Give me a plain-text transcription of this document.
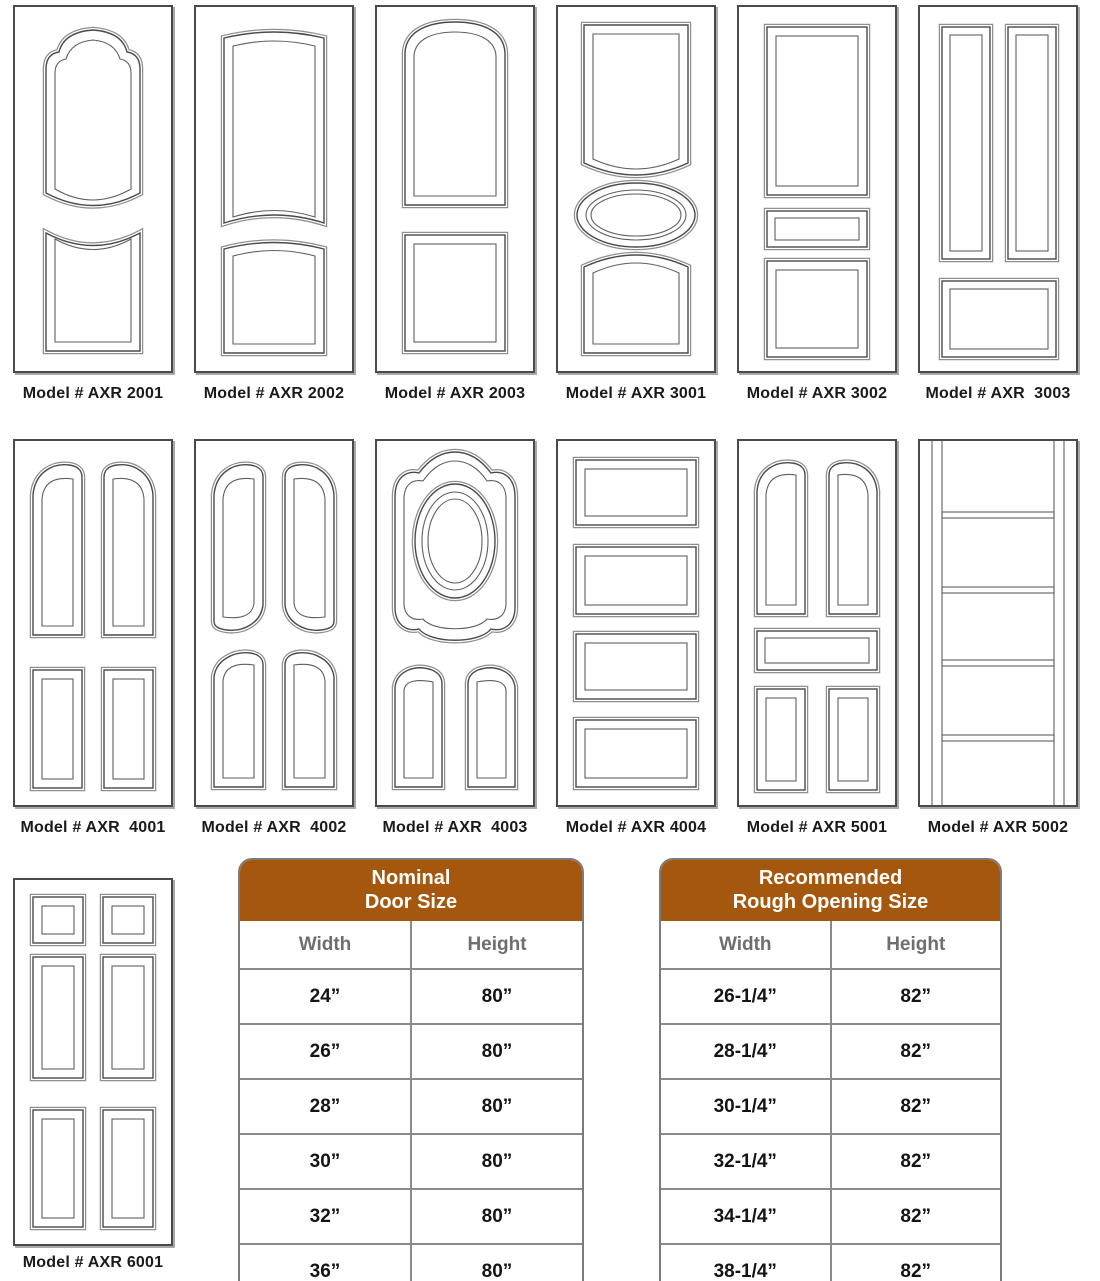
Model # AXR 2001	Model # AXR 2002	Model # AXR 2003	Model # AXR 3001	Model # AXR 3002	Model # AXR  3003
Model # AXR  4001	Model # AXR  4002	Model # AXR  4003	Model # AXR 4004	Model # AXR 5001	Model # AXR 5002
Model # AXR 6001
Nominal
Door Size
Width	Height
24”	80”
26”	80”
28”	80”
30”	80”
32”	80”
36”	80”
Recommended
Rough Opening Size
Width	Height
26-1/4”	82”
28-1/4”	82”
30-1/4”	82”
32-1/4”	82”
34-1/4”	82”
38-1/4”	82”
